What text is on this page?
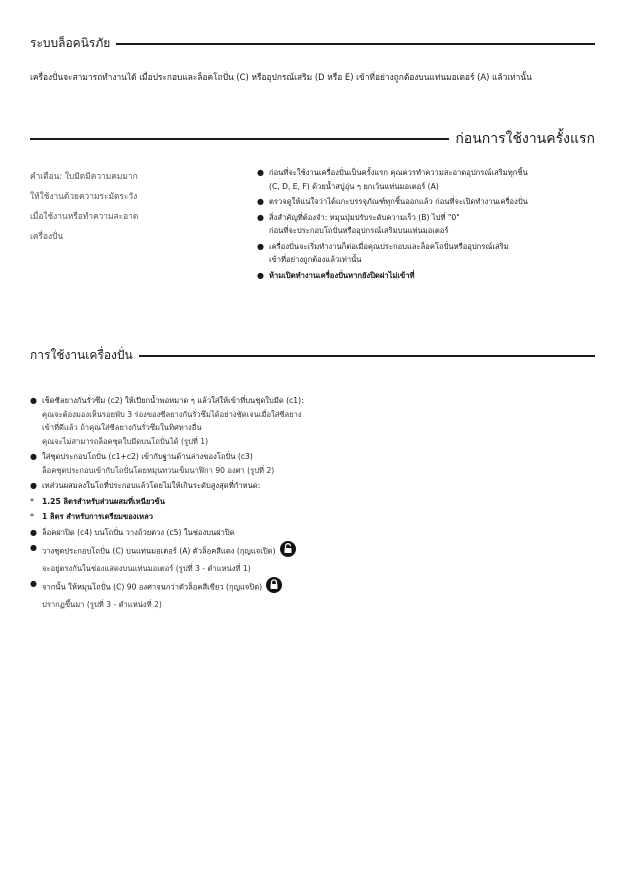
ระบบล็อคนิรภัย
เครื่องปั่นจะสามารถทำงานได้ เมื่อประกอบและล็อคโถปั่น (C) หรืออุปกรณ์เสริม (D หรือ E) เข้าที่อย่างถูกต้องบนแท่นมอเตอร์ (A) แล้วเท่านั้น
ก่อนการใช้งานครั้งแรก
คำเตือน: ใบมีดมีความคมมาก
ให้ใช้งานด้วยความระมัดระวัง
เมื่อใช้งานหรือทำความสะอาด
เครื่องปั่น
● ก่อนที่จะใช้งานเครื่องปั่นเป็นครั้งแรก คุณควรทำความสะอาดอุปกรณ์เสริมทุกชิ้น
(C, D, E, F) ด้วยน้ำสบู่อุ่น ๆ ยกเว้นแท่นมอเตอร์ (A)
● ตรวจดูให้แน่ใจว่าได้แกะบรรจุภัณฑ์ทุกชิ้นออกแล้ว ก่อนที่จะเปิดทำงานเครื่องปั่น
● สิ่งสำคัญที่ต้องจำ: หมุนปุ่มปรับระดับความเร็ว (B) ไปที่ "0"
ก่อนที่จะประกอบโถปั่นหรืออุปกรณ์เสริมบนแท่นมอเตอร์
● เครื่องปั่นจะเริ่มทำงานก็ต่อเมื่อคุณประกอบและล็อคโถปั่นหรืออุปกรณ์เสริม
เข้าที่อย่างถูกต้องแล้วเท่านั้น
● ห้ามเปิดทำงานเครื่องปั่นหากยังปิดฝาไม่เข้าที่
การใช้งานเครื่องปั่น
● เช็ดซีลยางกันรั่วซึม (c2) ให้เปียกน้ำพอหมาด ๆ แล้วใส่ให้เข้าที่บนชุดใบมีด (c1):
คุณจะต้องมองเห็นรอยพับ 3 ร่องของซีลยางกันรั่วซึมได้อย่างชัดเจนเมื่อใส่ซีลยาง
เข้าที่ดีแล้ว ถ้าคุณใส่ซีลยางกันรั่วซึมในทิศทางอื่น
คุณจะไม่สามารถล็อคชุดใบมีดบนโถปั่นได้ (รูปที่ 1)
● ใส่ชุดประกอบโถปั่น (c1+c2) เข้ากับฐานด้านล่างของโถปั่น (c3)
ล็อคชุดประกอบเข้ากับโถปั่นโดยหมุนทวนเข็มนาฬิกา 90 องศา (รูปที่ 2)
● เทส่วนผสมลงในโถที่ประกอบแล้วโดยไม่ให้เกินระดับสูงสุดที่กำหนด:
* 1.25 ลิตรสำหรับส่วนผสมที่เหนียวข้น
* 1 ลิตร สำหรับการเตรียมของเหลว
● ล็อคฝาปิด (c4) บนโถปั่น วางถ้วยตวง (c5) ในช่องบนฝาปิด
● วางชุดประกอบโถปั่น (C) บนแท่นมอเตอร์ (A) ตัวล็อคสีแดง (กุญแจเปิด)
จะอยู่ตรงกันในช่องแสดงบนแท่นมอเตอร์ (รูปที่ 3 - ตำแหน่งที่ 1)
● จากนั้น ให้หมุนโถปั่น (C) 90 องศาจนกว่าตัวล็อคสีเขียว (กุญแจปิด)
ปรากฏขึ้นมา (รูปที่ 3 - ตำแหน่งที่ 2)
